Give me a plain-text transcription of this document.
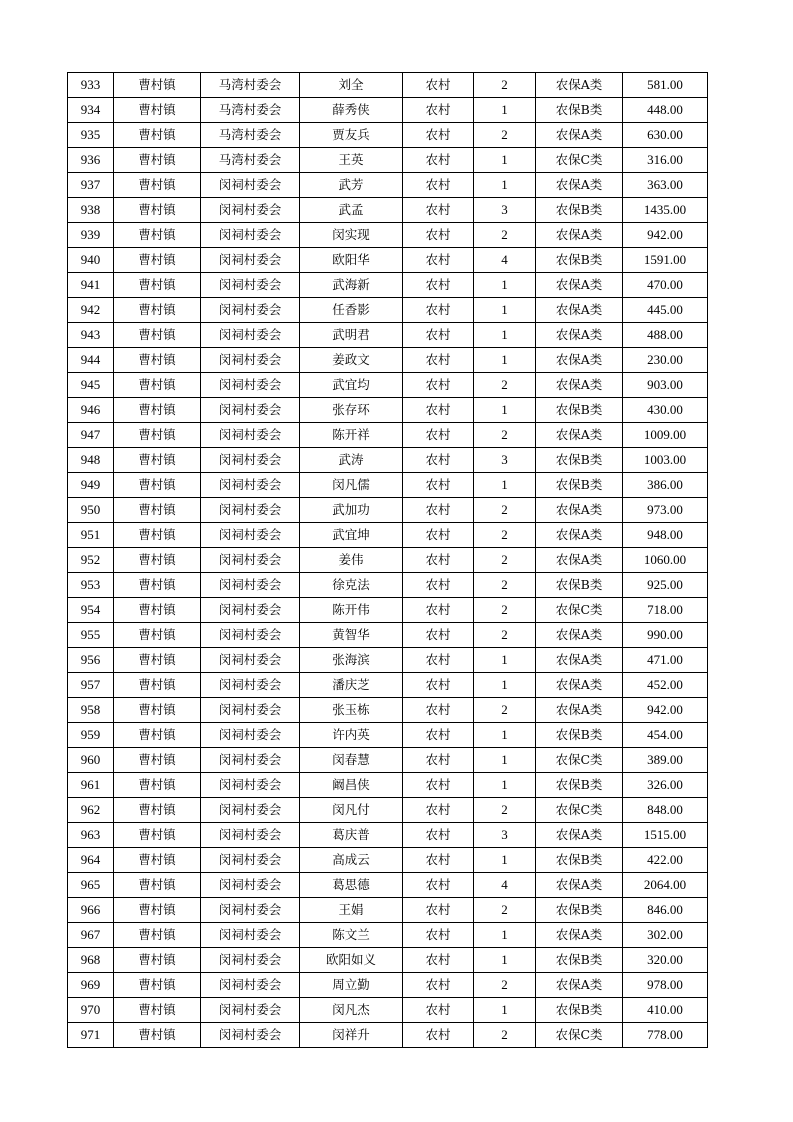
933	曹村镇	马湾村委会	刘全	农村	2	农保A类	581.00
934	曹村镇	马湾村委会	薛秀侠	农村	1	农保B类	448.00
935	曹村镇	马湾村委会	贾友兵	农村	2	农保A类	630.00
936	曹村镇	马湾村委会	王英	农村	1	农保C类	316.00
937	曹村镇	闵祠村委会	武芳	农村	1	农保A类	363.00
938	曹村镇	闵祠村委会	武孟	农村	3	农保B类	1435.00
939	曹村镇	闵祠村委会	闵实现	农村	2	农保A类	942.00
940	曹村镇	闵祠村委会	欧阳华	农村	4	农保B类	1591.00
941	曹村镇	闵祠村委会	武海新	农村	1	农保A类	470.00
942	曹村镇	闵祠村委会	任香影	农村	1	农保A类	445.00
943	曹村镇	闵祠村委会	武明君	农村	1	农保A类	488.00
944	曹村镇	闵祠村委会	姜政文	农村	1	农保A类	230.00
945	曹村镇	闵祠村委会	武宜均	农村	2	农保A类	903.00
946	曹村镇	闵祠村委会	张存环	农村	1	农保B类	430.00
947	曹村镇	闵祠村委会	陈开祥	农村	2	农保A类	1009.00
948	曹村镇	闵祠村委会	武涛	农村	3	农保B类	1003.00
949	曹村镇	闵祠村委会	闵凡儒	农村	1	农保B类	386.00
950	曹村镇	闵祠村委会	武加功	农村	2	农保A类	973.00
951	曹村镇	闵祠村委会	武宜坤	农村	2	农保A类	948.00
952	曹村镇	闵祠村委会	姜伟	农村	2	农保A类	1060.00
953	曹村镇	闵祠村委会	徐克法	农村	2	农保B类	925.00
954	曹村镇	闵祠村委会	陈开伟	农村	2	农保C类	718.00
955	曹村镇	闵祠村委会	黄智华	农村	2	农保A类	990.00
956	曹村镇	闵祠村委会	张海滨	农村	1	农保A类	471.00
957	曹村镇	闵祠村委会	潘庆芝	农村	1	农保A类	452.00
958	曹村镇	闵祠村委会	张玉栋	农村	2	农保A类	942.00
959	曹村镇	闵祠村委会	许内英	农村	1	农保B类	454.00
960	曹村镇	闵祠村委会	闵春慧	农村	1	农保C类	389.00
961	曹村镇	闵祠村委会	阚昌侠	农村	1	农保B类	326.00
962	曹村镇	闵祠村委会	闵凡付	农村	2	农保C类	848.00
963	曹村镇	闵祠村委会	葛庆普	农村	3	农保A类	1515.00
964	曹村镇	闵祠村委会	高成云	农村	1	农保B类	422.00
965	曹村镇	闵祠村委会	葛思德	农村	4	农保A类	2064.00
966	曹村镇	闵祠村委会	王娟	农村	2	农保B类	846.00
967	曹村镇	闵祠村委会	陈文兰	农村	1	农保A类	302.00
968	曹村镇	闵祠村委会	欧阳如义	农村	1	农保B类	320.00
969	曹村镇	闵祠村委会	周立勤	农村	2	农保A类	978.00
970	曹村镇	闵祠村委会	闵凡杰	农村	1	农保B类	410.00
971	曹村镇	闵祠村委会	闵祥升	农村	2	农保C类	778.00
